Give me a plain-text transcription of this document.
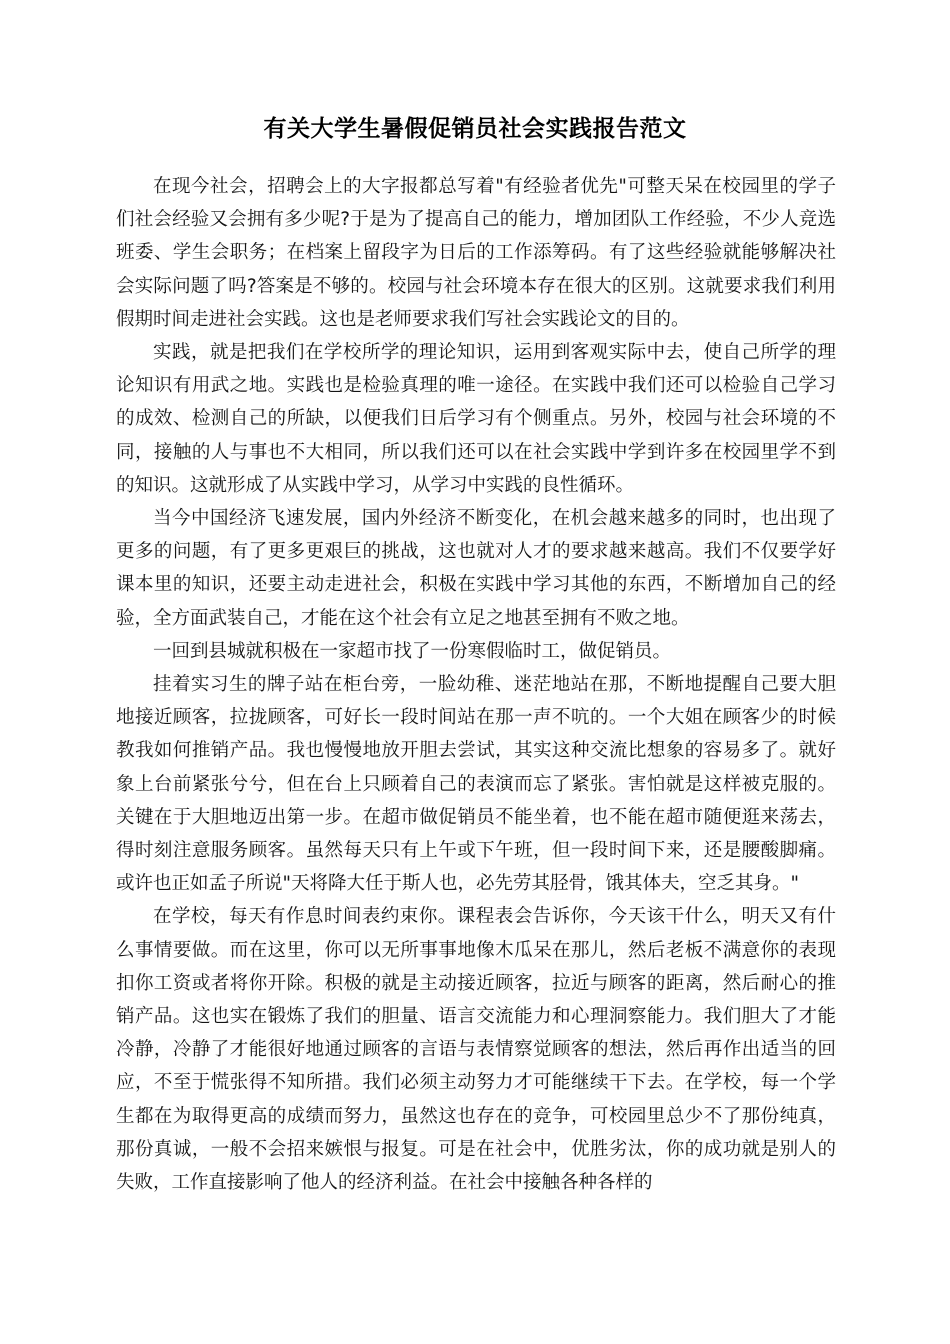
有关大学生暑假促销员社会实践报告范文

在现今社会，招聘会上的大字报都总写着"有经验者优先"可整天呆在校园里的学子们社会经验又会拥有多少呢?于是为了提高自己的能力，增加团队工作经验，不少人竞选班委、学生会职务；在档案上留段字为日后的工作添筹码。有了这些经验就能够解决社会实际问题了吗?答案是不够的。校园与社会环境本存在很大的区别。这就要求我们利用假期时间走进社会实践。这也是老师要求我们写社会实践论文的目的。

实践，就是把我们在学校所学的理论知识，运用到客观实际中去，使自己所学的理论知识有用武之地。实践也是检验真理的唯一途径。在实践中我们还可以检验自己学习的成效、检测自己的所缺，以便我们日后学习有个侧重点。另外，校园与社会环境的不同，接触的人与事也不大相同，所以我们还可以在社会实践中学到许多在校园里学不到的知识。这就形成了从实践中学习，从学习中实践的良性循环。

当今中国经济飞速发展，国内外经济不断变化，在机会越来越多的同时，也出现了更多的问题，有了更多更艰巨的挑战，这也就对人才的要求越来越高。我们不仅要学好课本里的知识，还要主动走进社会，积极在实践中学习其他的东西，不断增加自己的经验，全方面武装自己，才能在这个社会有立足之地甚至拥有不败之地。

一回到县城就积极在一家超市找了一份寒假临时工，做促销员。

挂着实习生的牌子站在柜台旁，一脸幼稚、迷茫地站在那，不断地提醒自己要大胆地接近顾客，拉拢顾客，可好长一段时间站在那一声不吭的。一个大姐在顾客少的时候教我如何推销产品。我也慢慢地放开胆去尝试，其实这种交流比想象的容易多了。就好象上台前紧张兮兮，但在台上只顾着自己的表演而忘了紧张。害怕就是这样被克服的。关键在于大胆地迈出第一步。在超市做促销员不能坐着，也不能在超市随便逛来荡去，得时刻注意服务顾客。虽然每天只有上午或下午班，但一段时间下来，还是腰酸脚痛。或许也正如孟子所说"天将降大任于斯人也，必先劳其胫骨，饿其体夫，空乏其身。"

在学校，每天有作息时间表约束你。课程表会告诉你，今天该干什么，明天又有什么事情要做。而在这里，你可以无所事事地像木瓜呆在那儿，然后老板不满意你的表现扣你工资或者将你开除。积极的就是主动接近顾客，拉近与顾客的距离，然后耐心的推销产品。这也实在锻炼了我们的胆量、语言交流能力和心理洞察能力。我们胆大了才能冷静，冷静了才能很好地通过顾客的言语与表情察觉顾客的想法，然后再作出适当的回应，不至于慌张得不知所措。我们必须主动努力才可能继续干下去。在学校，每一个学生都在为取得更高的成绩而努力，虽然这也存在的竞争，可校园里总少不了那份纯真，那份真诚，一般不会招来嫉恨与报复。可是在社会中，优胜劣汰，你的成功就是别人的失败，工作直接影响了他人的经济利益。在社会中接触各种各样的
